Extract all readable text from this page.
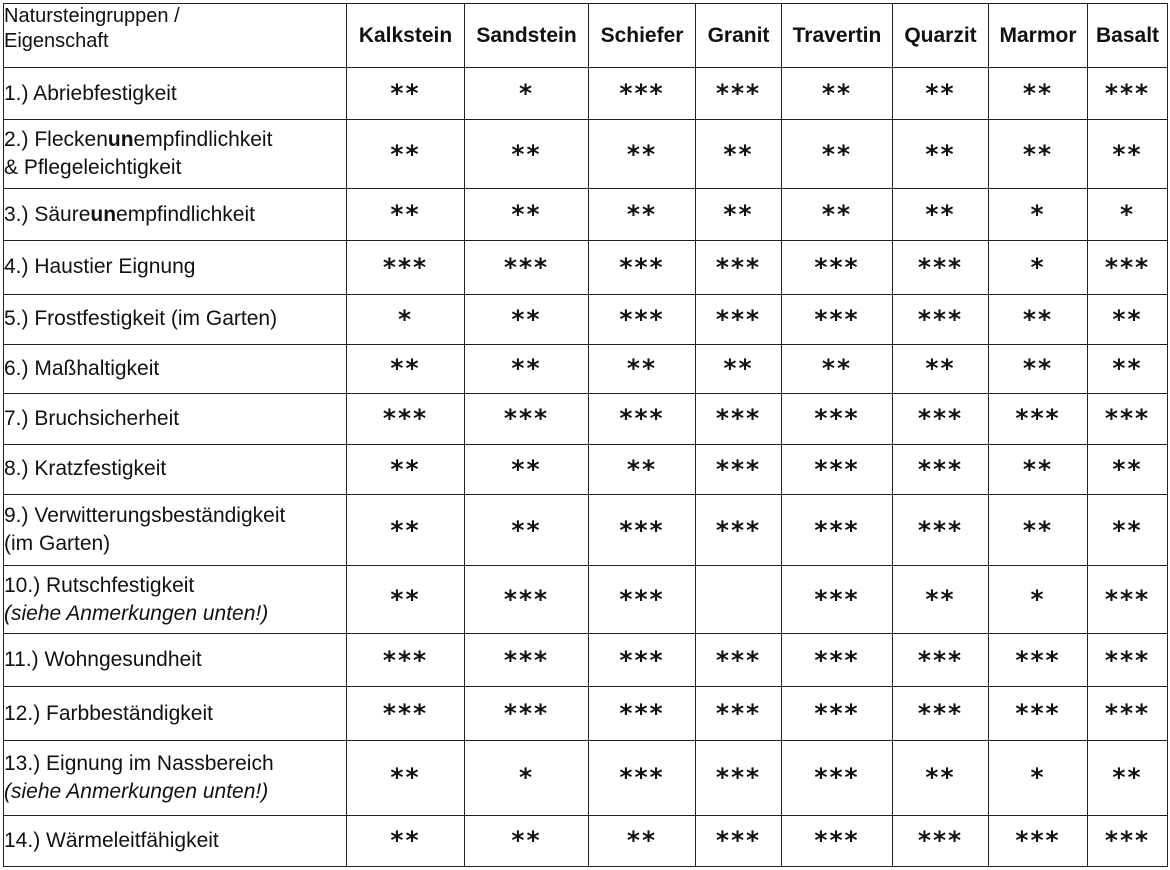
Natursteingruppen /
Eigenschaft	Kalkstein	Sandstein	Schiefer	Granit	Travertin	Quarzit	Marmor	Basalt

1.) Abriebfestigkeit	**	*	***	***	**	**	**	***

2.) Fleckenunempfindlichkeit
& Pflegeleichtigkeit	**	**	**	**	**	**	**	**

3.) Säureunempfindlichkeit	**	**	**	**	**	**	*	*

4.) Haustier Eignung	***	***	***	***	***	***	*	***

5.) Frostfestigkeit (im Garten)	*	**	***	***	***	***	**	**

6.) Maßhaltigkeit	**	**	**	**	**	**	**	**

7.) Bruchsicherheit	***	***	***	***	***	***	***	***

8.) Kratzfestigkeit	**	**	**	***	***	***	**	**

9.) Verwitterungsbeständigkeit
(im Garten)	**	**	***	***	***	***	**	**

10.) Rutschfestigkeit
(siehe Anmerkungen unten!)	**	***	***		***	**	*	***

11.) Wohngesundheit	***	***	***	***	***	***	***	***

12.) Farbbeständigkeit	***	***	***	***	***	***	***	***

13.) Eignung im Nassbereich
(siehe Anmerkungen unten!)	**	*	***	***	***	**	*	**

14.) Wärmeleitfähigkeit	**	**	**	***	***	***	***	***
